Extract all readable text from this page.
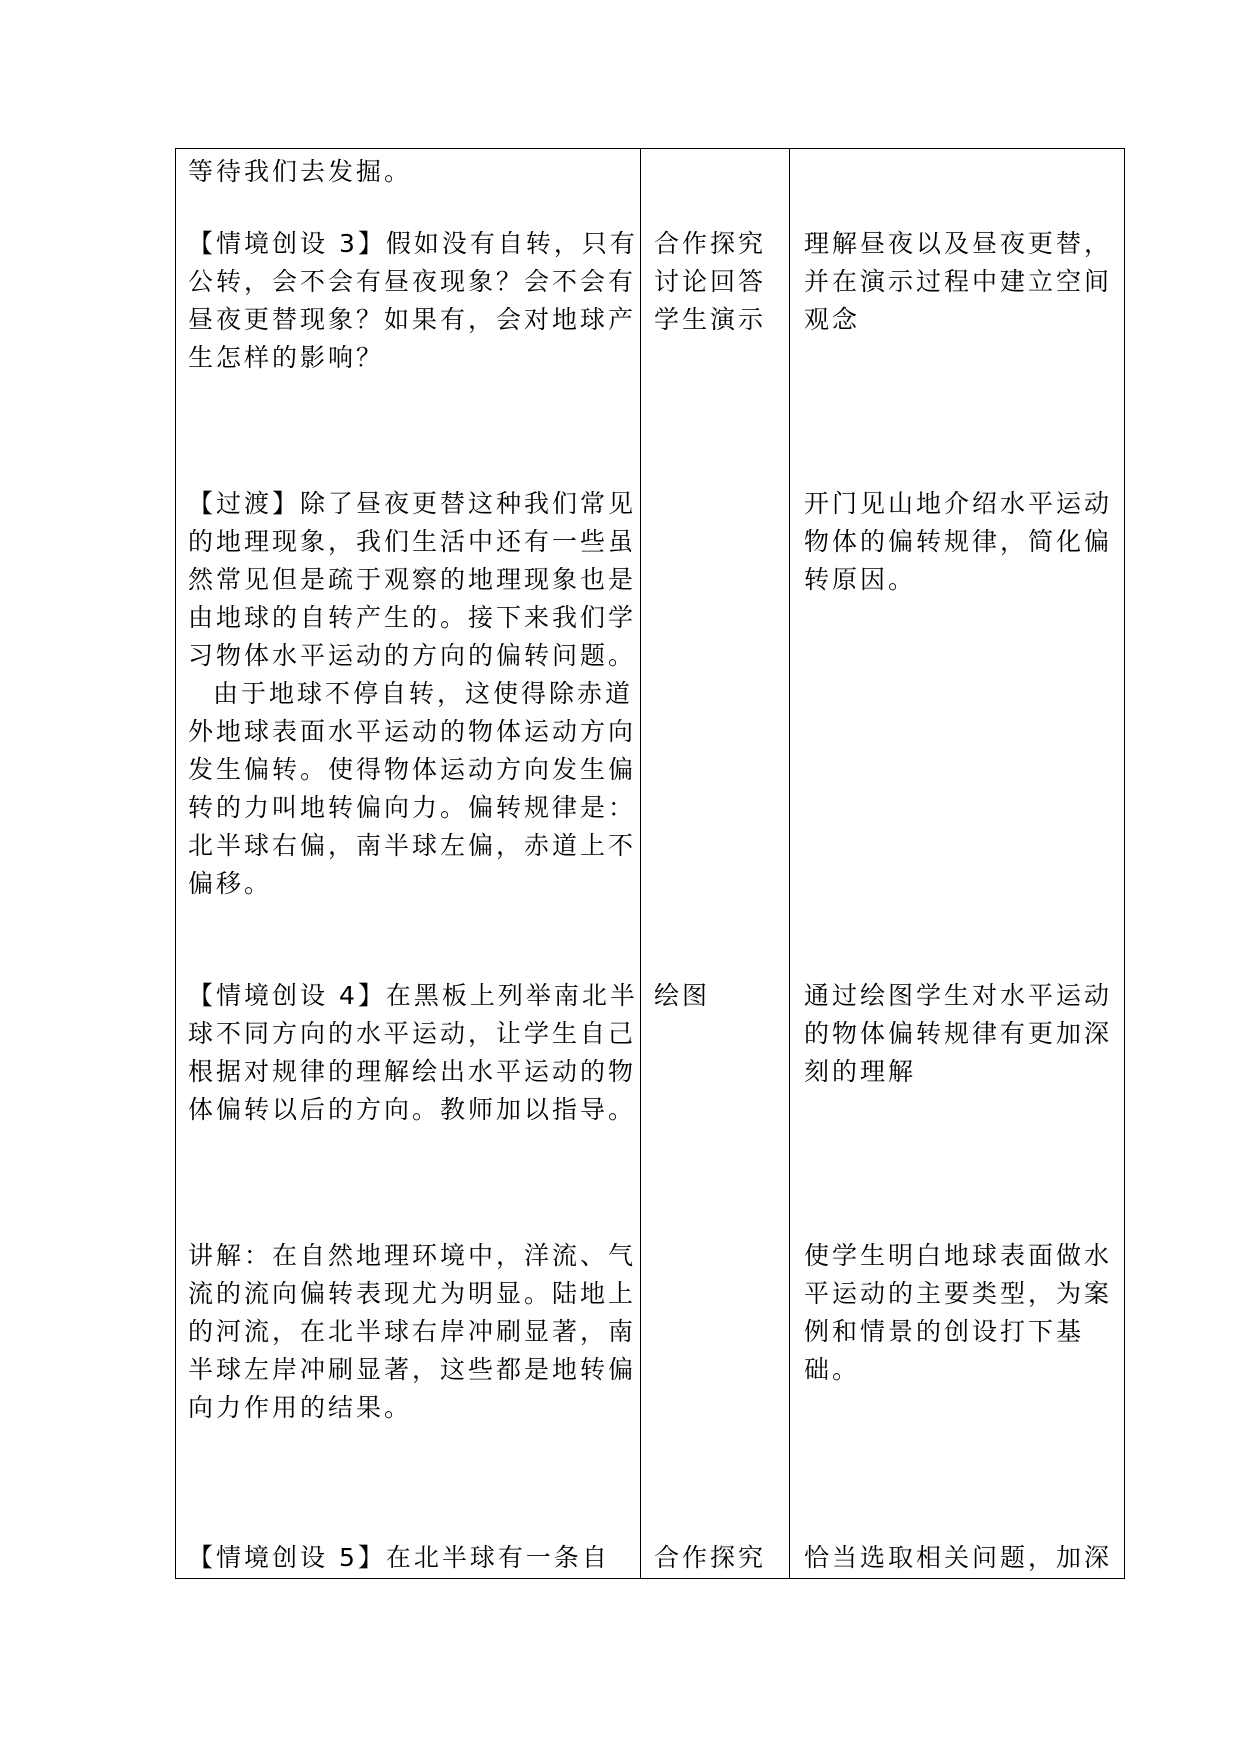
等待我们去发掘。
【情境创设 3】假如没有自转，只有公转，会不会有昼夜现象？会不会有昼夜更替现象？如果有，会对地球产生怎样的影响？
【过渡】除了昼夜更替这种我们常见的地理现象，我们生活中还有一些虽然常见但是疏于观察的地理现象也是由地球的自转产生的。接下来我们学习物体水平运动的方向的偏转问题。
由于地球不停自转，这使得除赤道外地球表面水平运动的物体运动方向发生偏转。使得物体运动方向发生偏转的力叫地转偏向力。偏转规律是：北半球右偏，南半球左偏，赤道上不偏移。
【情境创设 4】在黑板上列举南北半球不同方向的水平运动，让学生自己根据对规律的理解绘出水平运动的物体偏转以后的方向。教师加以指导。
讲解：在自然地理环境中，洋流、气流的流向偏转表现尤为明显。陆地上的河流，在北半球右岸冲刷显著，南半球左岸冲刷显著，这些都是地转偏向力作用的结果。
【情境创设 5】在北半球有一条自
合作探究
讨论回答
学生演示
绘图
合作探究
理解昼夜以及昼夜更替，并在演示过程中建立空间观念
开门见山地介绍水平运动物体的偏转规律，简化偏转原因。
通过绘图学生对水平运动的物体偏转规律有更加深刻的理解
使学生明白地球表面做水平运动的主要类型，为案例和情景的创设打下基础。
恰当选取相关问题，加深
